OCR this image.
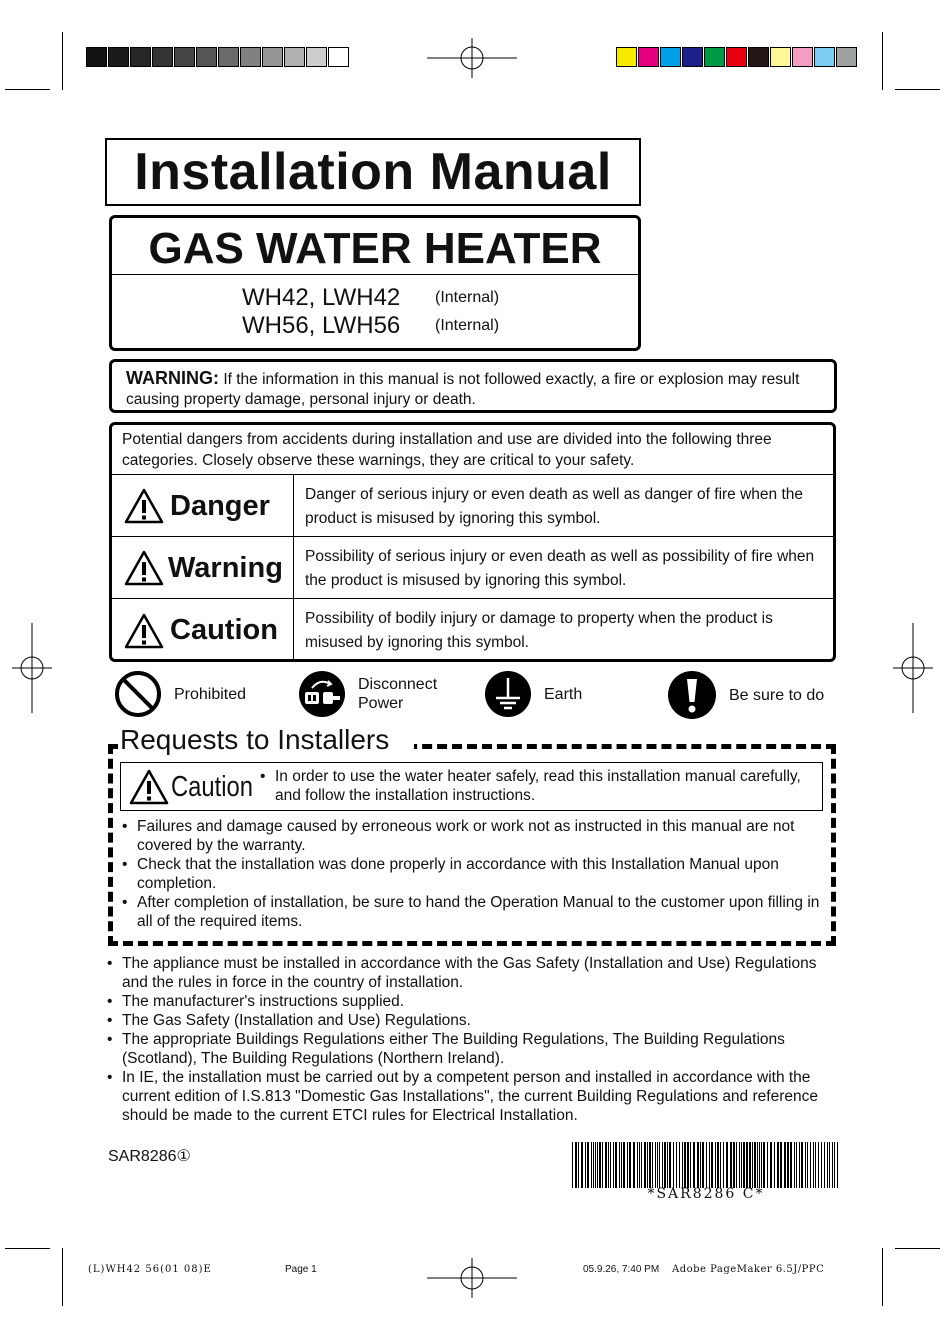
Installation Manual
GAS WATER HEATER
WH42, LWH42 (Internal)
WH56, LWH56 (Internal)
WARNING: If the information in this manual is not followed exactly, a fire or explosion may result causing property damage, personal injury or death.
Potential dangers from accidents during installation and use are divided into the following three categories. Closely observe these warnings, they are critical to your safety.
Danger Danger of serious injury or even death as well as danger of fire when the product is misused by ignoring this symbol.
Warning Possibility of serious injury or even death as well as possibility of fire when the product is misused by ignoring this symbol.
Caution Possibility of bodily injury or damage to property when the product is misused by ignoring this symbol.
Prohibited
Disconnect
Power
Earth	Be sure to do
Requests to Installers
Caution
•	In order to use the water heater safely, read this installation manual carefully, and follow the installation instructions.
• Failures and damage caused by erroneous work or work not as instructed in this manual are not covered by the warranty.
• Check that the installation was done properly in accordance with this Installation Manual upon completion.
• After completion of installation, be sure to hand the Operation Manual to the customer upon filling in all of the required items.
• The appliance must be installed in accordance with the Gas Safety (Installation and Use) Regulations and the rules in force in the country of installation.
• The manufacturer's instructions supplied.
• The Gas Safety (Installation and Use) Regulations.
• The appropriate Buildings Regulations either The Building Regulations, The Building Regulations (Scotland), The Building Regulations (Northern Ireland).
• In IE, the installation must be carried out by a competent person and installed in accordance with the current edition of I.S.813 "Domestic Gas Installations", the current Building Regulations and reference should be made to the current ETCI rules for Electrical Installation.
SAR8286①
*SAR8286 C*
(L)WH42 56(01 08)E	Page 1	05.9.26, 7:40 PM Adobe PageMaker 6.5J/PPC
